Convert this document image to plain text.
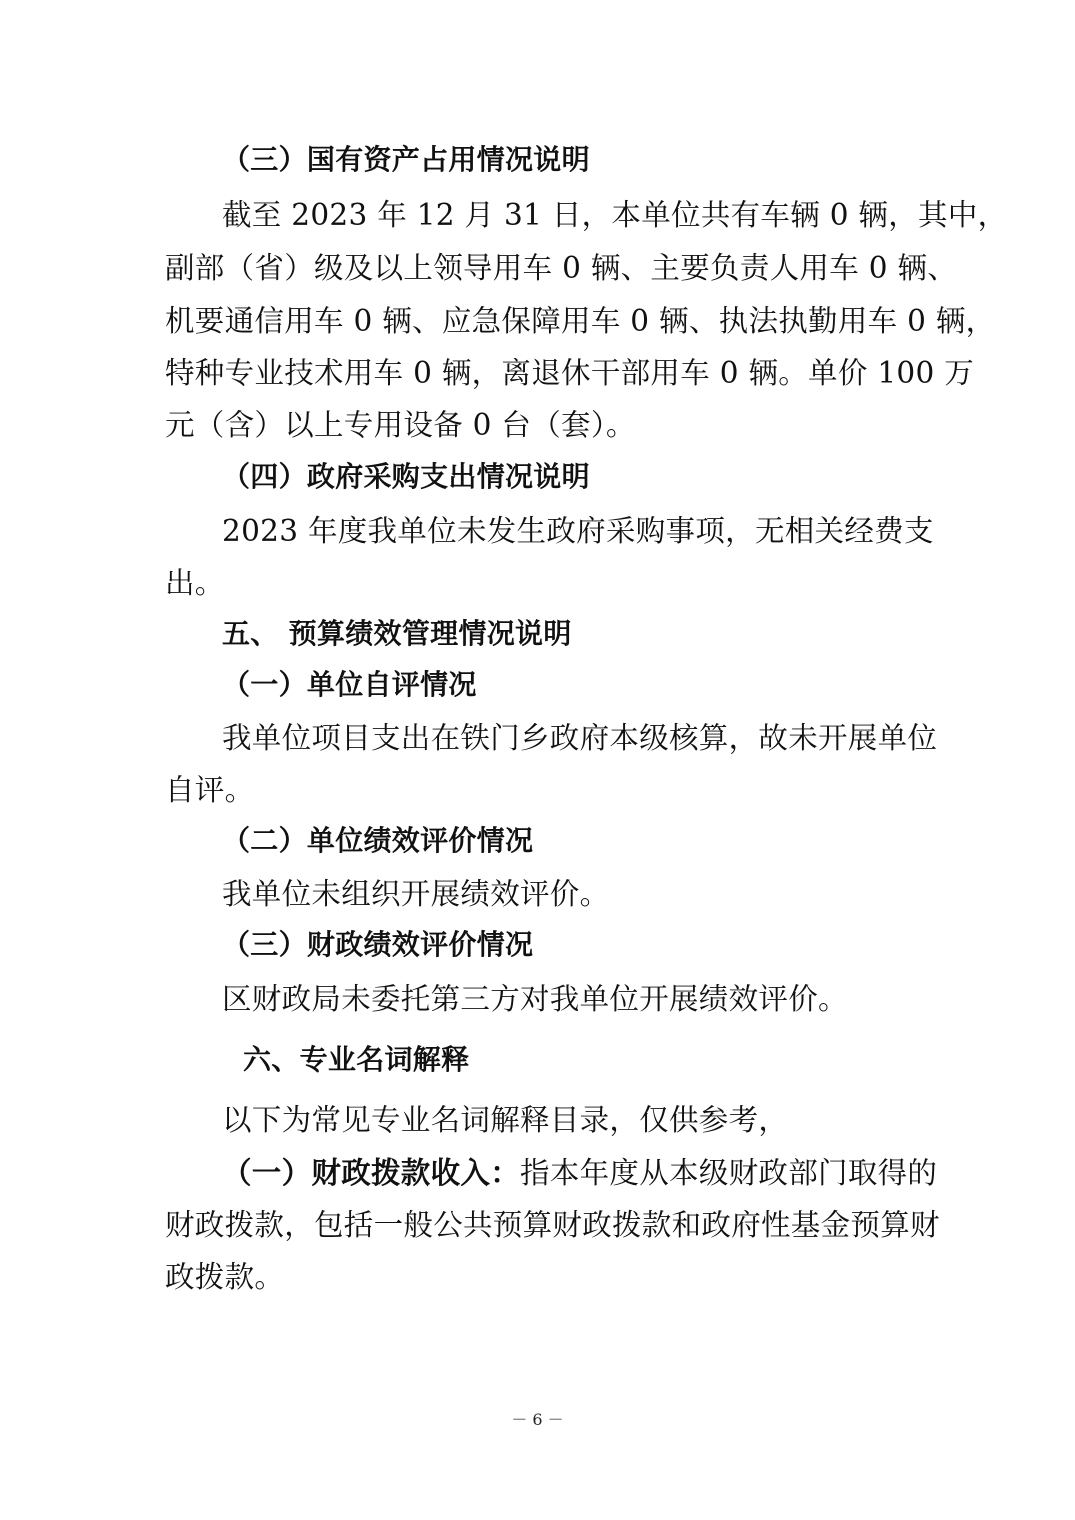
（三）国有资产占用情况说明
截至 2023 年 12 月 31 日，本单位共有车辆 0 辆，其中，
副部（省）级及以上领导用车 0 辆、主要负责人用车 0 辆、
机要通信用车 0 辆、应急保障用车 0 辆、执法执勤用车 0 辆，
特种专业技术用车 0 辆，离退休干部用车 0 辆。单价 100 万
元（含）以上专用设备 0 台（套）。
（四）政府采购支出情况说明
2023 年度我单位未发生政府采购事项，无相关经费支
出。
五、 预算绩效管理情况说明
（一）单位自评情况
我单位项目支出在铁门乡政府本级核算，故未开展单位
自评。
（二）单位绩效评价情况
我单位未组织开展绩效评价。
（三）财政绩效评价情况
区财政局未委托第三方对我单位开展绩效评价。
六、专业名词解释
以下为常见专业名词解释目录，仅供参考，
（一）财政拨款收入： 指本年度从本级财政部门取得的
财政拨款，包括一般公共预算财政拨款和政府性基金预算财
政拨款。
－ 6 －
